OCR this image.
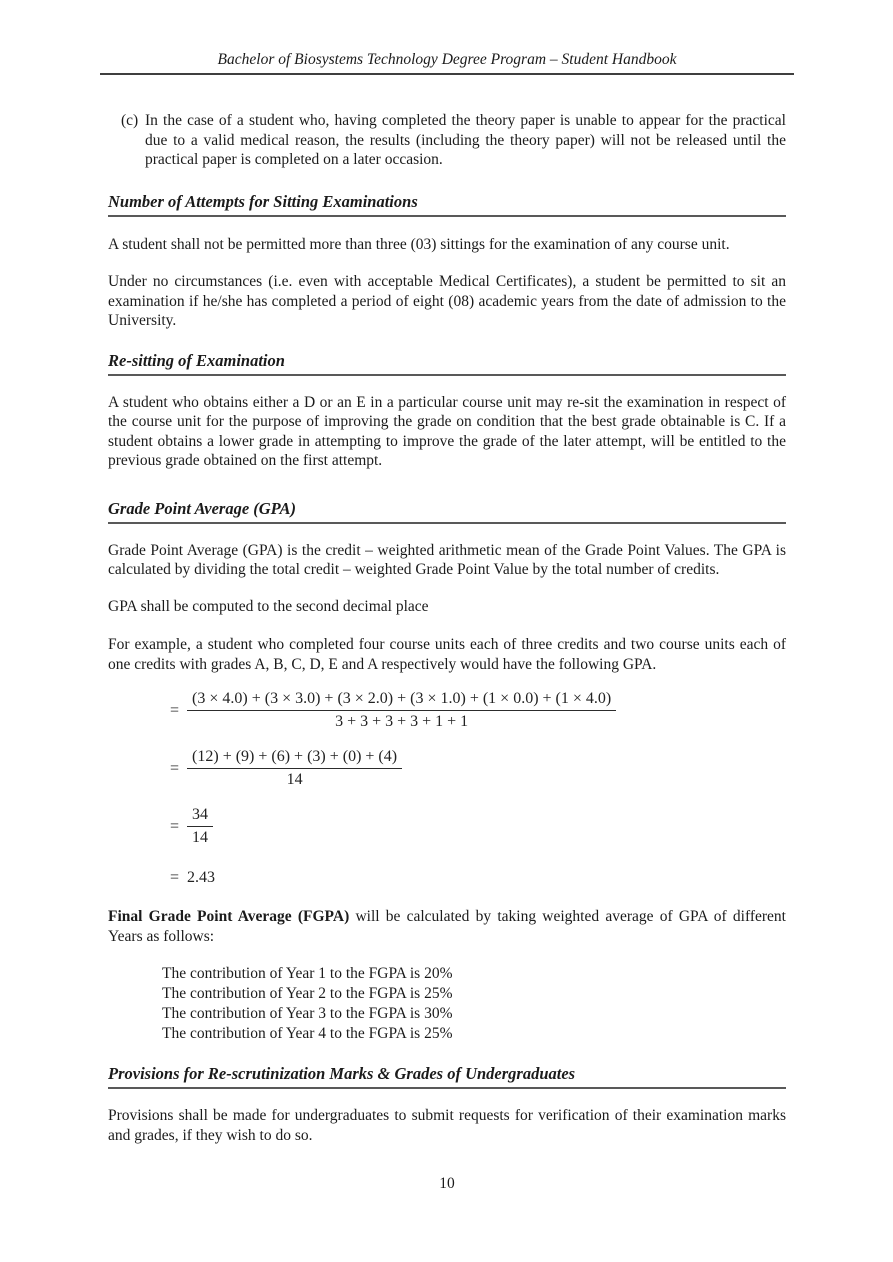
Bachelor of Biosystems Technology Degree Program – Student Handbook
(c) In the case of a student who, having completed the theory paper is unable to appear for the practical due to a valid medical reason, the results (including the theory paper) will not be released until the practical paper is completed on a later occasion.

Number of Attempts for Sitting Examinations

A student shall not be permitted more than three (03) sittings for the examination of any course unit.

Under no circumstances (i.e. even with acceptable Medical Certificates), a student be permitted to sit an examination if he/she has completed a period of eight (08) academic years from the date of admission to the University.

Re-sitting of Examination

A student who obtains either a D or an E in a particular course unit may re-sit the examination in respect of the course unit for the purpose of improving the grade on condition that the best grade obtainable is C. If a student obtains a lower grade in attempting to improve the grade of the later attempt, will be entitled to the previous grade obtained on the first attempt.

Grade Point Average (GPA)

Grade Point Average (GPA) is the credit – weighted arithmetic mean of the Grade Point Values. The GPA is calculated by dividing the total credit – weighted Grade Point Value by the total number of credits.

GPA shall be computed to the second decimal place

For example, a student who completed four course units each of three credits and two course units each of one credits with grades A, B, C, D, E and A respectively would have the following GPA.

=
(3 × 4.0) + (3 × 3.0) + (3 × 2.0) + (3 × 1.0) + (1 × 0.0) + (1 × 4.0)
3 + 3 + 3 + 3 + 1 + 1
= $\frac{(12) + (9) + (6) + (3) + (0) + (4)}{14}$
= $\frac{34}{14}$
= 2.43

Final Grade Point Average (FGPA) will be calculated by taking weighted average of GPA of different Years as follows:

The contribution of Year 1 to the FGPA is 20%
The contribution of Year 2 to the FGPA is 25%
The contribution of Year 3 to the FGPA is 30%
The contribution of Year 4 to the FGPA is 25%
Provisions for Re-scrutinization Marks & Grades of Undergraduates

Provisions shall be made for undergraduates to submit requests for verification of their examination marks and grades, if they wish to do so.

10
